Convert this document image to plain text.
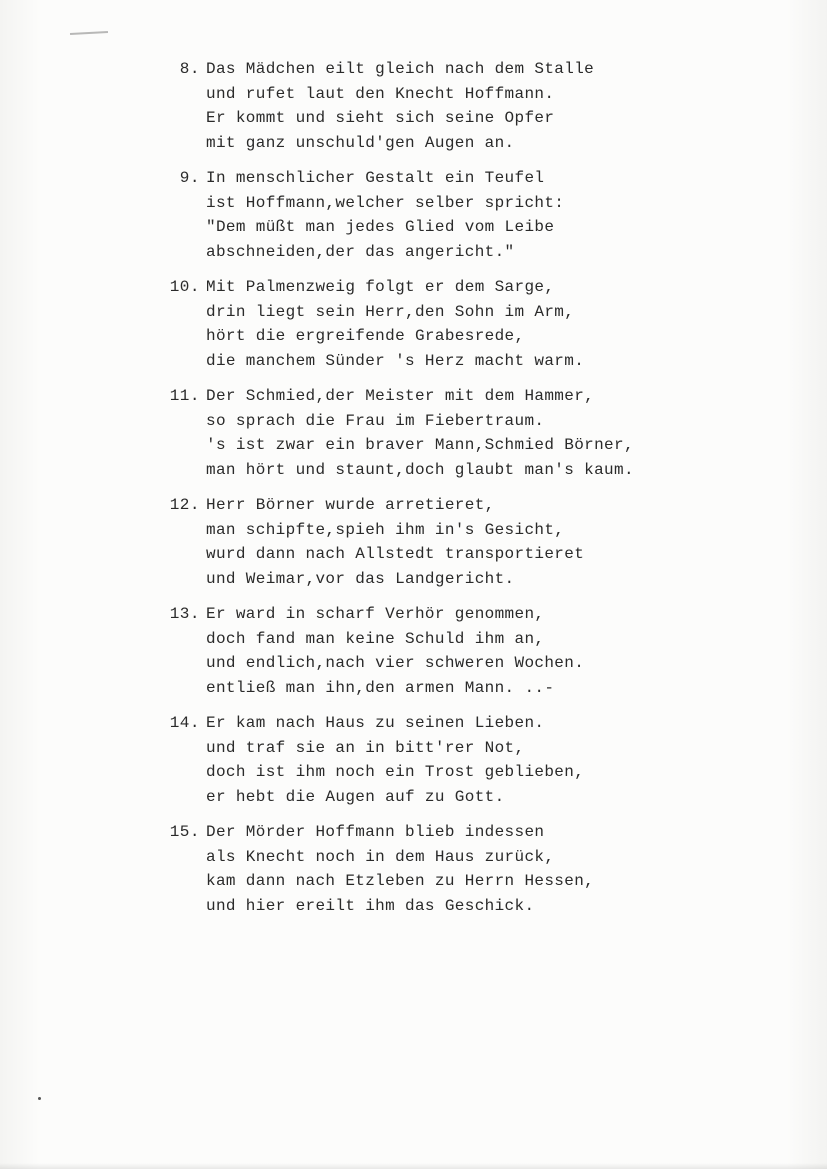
8. Das Mädchen eilt gleich nach dem Stalle
und rufet laut den Knecht Hoffmann.
Er kommt und sieht sich seine Opfer
mit ganz unschuld'gen Augen an.
9. In menschlicher Gestalt ein Teufel
ist Hoffmann,welcher selber spricht:
"Dem müßt man jedes Glied vom Leibe
abschneiden,der das angericht."
10. Mit Palmenzweig folgt er dem Sarge,
drin liegt sein Herr,den Sohn im Arm,
hört die ergreifende Grabesrede,
die manchem Sünder 's Herz macht warm.
11. Der Schmied,der Meister mit dem Hammer,
so sprach die Frau im Fiebertraum.
's ist zwar ein braver Mann,Schmied Börner,
man hört und staunt,doch glaubt man's kaum.
12. Herr Börner wurde arretieret,
man schipfte,spieh ihm in's Gesicht,
wurd dann nach Allstedt transportieret
und Weimar,vor das Landgericht.
13. Er ward in scharf Verhör genommen,
doch fand man keine Schuld ihm an,
und endlich,nach vier schweren Wochen.
entließ man ihn,den armen Mann. ..-
14. Er kam nach Haus zu seinen Lieben.
und traf sie an in bitt'rer Not,
doch ist ihm noch ein Trost geblieben,
er hebt die Augen auf zu Gott.
15. Der Mörder Hoffmann blieb indessen
als Knecht noch in dem Haus zurück,
kam dann nach Etzleben zu Herrn Hessen,
und hier ereilt ihm das Geschick.
